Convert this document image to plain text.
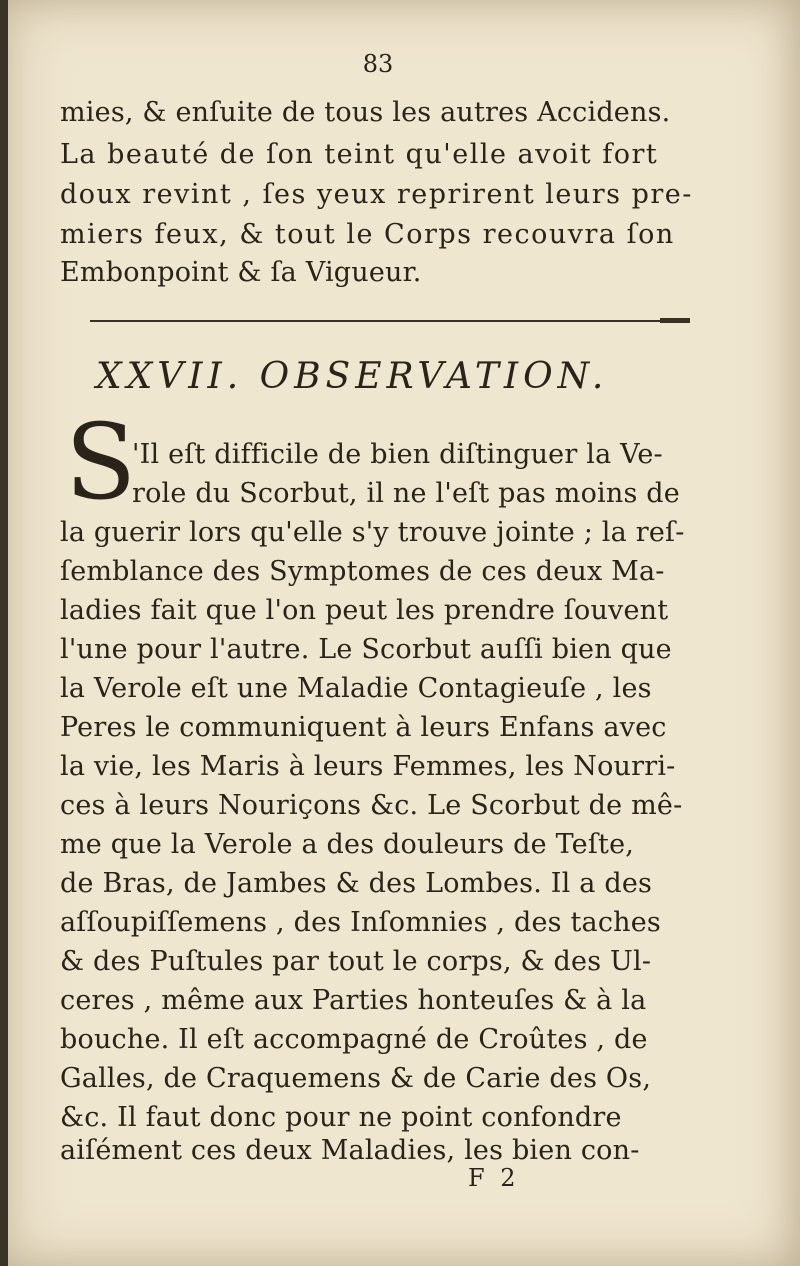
83
mies, & enſuite de tous les autres Accidens.
La beauté de ſon teint qu'elle avoit fort
doux revint , ſes yeux reprirent leurs pre-
miers feux, & tout le Corps recouvra ſon
Embonpoint & ſa Vigueur.
XXVII. OBSERVATION.
S
'Il eſt difficile de bien diſtinguer la Ve-
role du Scorbut, il ne l'eſt pas moins de
la guerir lors qu'elle s'y trouve jointe ; la reſ-
ſemblance des Symptomes de ces deux Ma-
ladies fait que l'on peut les prendre ſouvent
l'une pour l'autre. Le Scorbut auſſi bien que
la Verole eſt une Maladie Contagieuſe , les
Peres le communiquent à leurs Enfans avec
la vie, les Maris à leurs Femmes, les Nourri-
ces à leurs Nouriçons &c. Le Scorbut de mê-
me que la Verole a des douleurs de Teſte,
de Bras, de Jambes & des Lombes. Il a des
aſſoupiſſemens , des Inſomnies , des taches
& des Puſtules par tout le corps, & des Ul-
ceres , même aux Parties honteuſes & à la
bouche. Il eſt accompagné de Croûtes , de
Galles, de Craquemens & de Carie des Os,
&c. Il faut donc pour ne point confondre
aiſément ces deux Maladies, les bien con-
F 2
